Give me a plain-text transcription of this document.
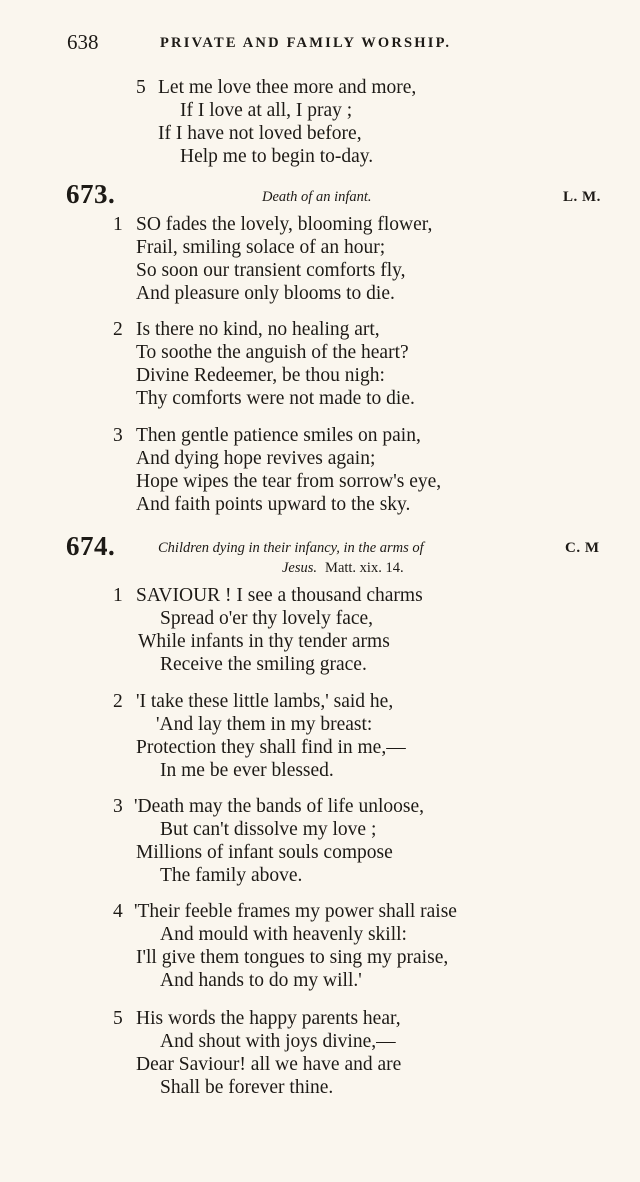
638	PRIVATE AND FAMILY WORSHIP.
5 Let me love thee more and more,
If I love at all, I pray ;
If I have not loved before,
Help me to begin to-day.
673.	Death of an infant.	L. M.
1 SO fades the lovely, blooming flower,
Frail, smiling solace of an hour;
So soon our transient comforts fly,
And pleasure only blooms to die.
2 Is there no kind, no healing art,
To soothe the anguish of the heart?
Divine Redeemer, be thou nigh:
Thy comforts were not made to die.
3 Then gentle patience smiles on pain,
And dying hope revives again;
Hope wipes the tear from sorrow's eye,
And faith points upward to the sky.
674.	Children dying in their infancy, in the arms of	C. M
Jesus. Matt. xix. 14.
1 SAVIOUR ! I see a thousand charms
Spread o'er thy lovely face,
While infants in thy tender arms
Receive the smiling grace.
2 'I take these little lambs,' said he,
'And lay them in my breast:
Protection they shall find in me,—
In me be ever blessed.
3 'Death may the bands of life unloose,
But can't dissolve my love ;
Millions of infant souls compose
The family above.
4 'Their feeble frames my power shall raise
And mould with heavenly skill:
I'll give them tongues to sing my praise,
And hands to do my will.'
5 His words the happy parents hear,
And shout with joys divine,—
Dear Saviour! all we have and are
Shall be forever thine.
